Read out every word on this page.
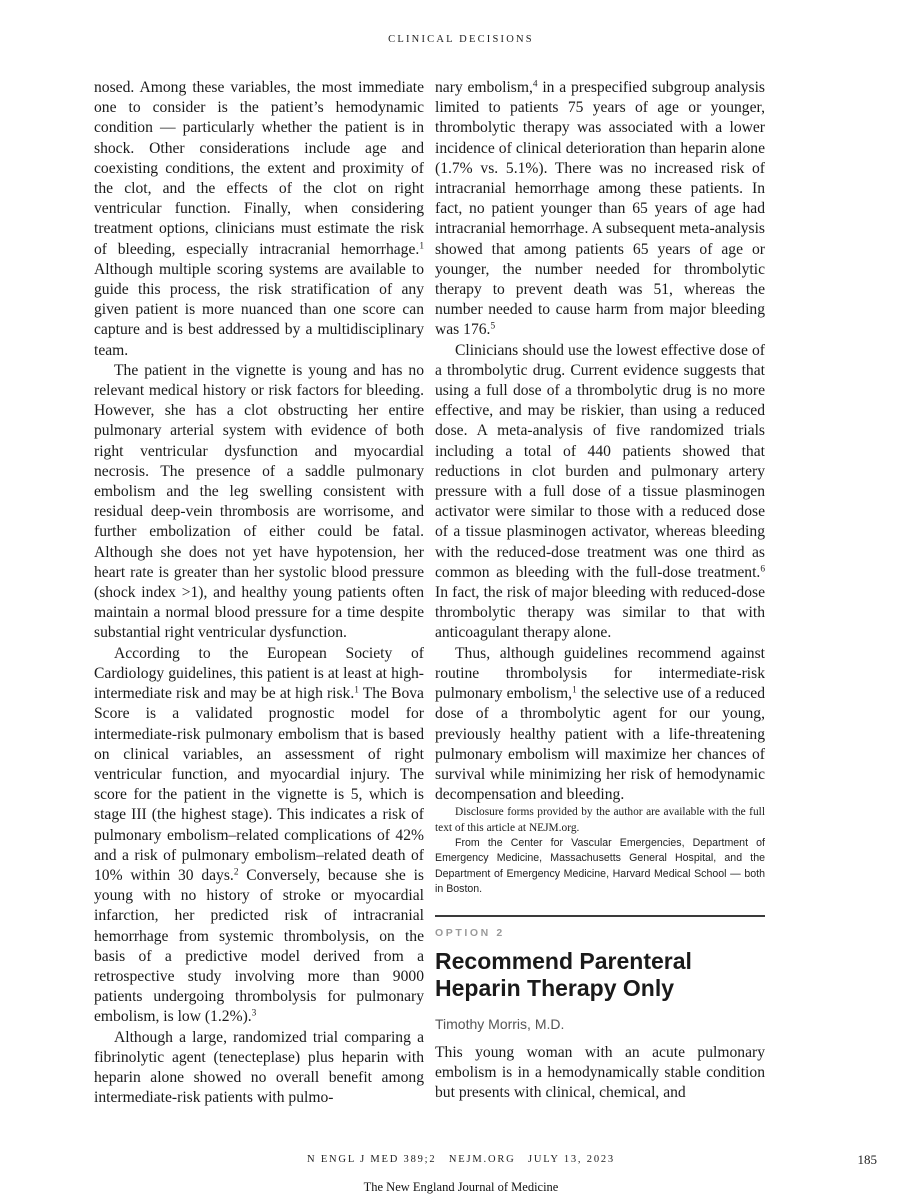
CLINICAL DECISIONS

nosed. Among these variables, the most immediate one to consider is the patient’s hemodynamic condition — particularly whether the patient is in shock. Other considerations include age and coexisting conditions, the extent and proximity of the clot, and the effects of the clot on right ventricular function. Finally, when considering treatment options, clinicians must estimate the risk of bleeding, especially intracranial hemorrhage.$^1$ Although multiple scoring systems are available to guide this process, the risk stratification of any given patient is more nuanced than one score can capture and is best addressed by a multidisciplinary team.

The patient in the vignette is young and has no relevant medical history or risk factors for bleeding. However, she has a clot obstructing her entire pulmonary arterial system with evidence of both right ventricular dysfunction and myocardial necrosis. The presence of a saddle pulmonary embolism and the leg swelling consistent with residual deep-vein thrombosis are worrisome, and further embolization of either could be fatal. Although she does not yet have hypotension, her heart rate is greater than her systolic blood pressure (shock index >1), and healthy young patients often maintain a normal blood pressure for a time despite substantial right ventricular dysfunction.

According to the European Society of Cardiology guidelines, this patient is at least at high-intermediate risk and may be at high risk.$^1$ The Bova Score is a validated prognostic model for intermediate-risk pulmonary embolism that is based on clinical variables, an assessment of right ventricular function, and myocardial injury. The score for the patient in the vignette is 5, which is stage III (the highest stage). This indicates a risk of pulmonary embolism–related complications of 42% and a risk of pulmonary embolism–related death of 10% within 30 days.$^2$ Conversely, because she is young with no history of stroke or myocardial infarction, her predicted risk of intracranial hemorrhage from systemic thrombolysis, on the basis of a predictive model derived from a retrospective study involving more than 9000 patients undergoing thrombolysis for pulmonary embolism, is low (1.2%).$^3$

Although a large, randomized trial comparing a fibrinolytic agent (tenecteplase) plus heparin with heparin alone showed no overall benefit among intermediate-risk patients with pulmo-

nary embolism,$^4$ in a prespecified subgroup analysis limited to patients 75 years of age or younger, thrombolytic therapy was associated with a lower incidence of clinical deterioration than heparin alone (1.7% vs. 5.1%). There was no increased risk of intracranial hemorrhage among these patients. In fact, no patient younger than 65 years of age had intracranial hemorrhage. A subsequent meta-analysis showed that among patients 65 years of age or younger, the number needed for thrombolytic therapy to prevent death was 51, whereas the number needed to cause harm from major bleeding was 176.$^5$

Clinicians should use the lowest effective dose of a thrombolytic drug. Current evidence suggests that using a full dose of a thrombolytic drug is no more effective, and may be riskier, than using a reduced dose. A meta-analysis of five randomized trials including a total of 440 patients showed that reductions in clot burden and pulmonary artery pressure with a full dose of a tissue plasminogen activator were similar to those with a reduced dose of a tissue plasminogen activator, whereas bleeding with the reduced-dose treatment was one third as common as bleeding with the full-dose treatment.$^6$ In fact, the risk of major bleeding with reduced-dose thrombolytic therapy was similar to that with anticoagulant therapy alone.

Thus, although guidelines recommend against routine thrombolysis for intermediate-risk pulmonary embolism,$^1$ the selective use of a reduced dose of a thrombolytic agent for our young, previously healthy patient with a life-threatening pulmonary embolism will maximize her chances of survival while minimizing her risk of hemodynamic decompensation and bleeding.

Disclosure forms provided by the author are available with the full text of this article at NEJM.org.

From the Center for Vascular Emergencies, Department of Emergency Medicine, Massachusetts General Hospital, and the Department of Emergency Medicine, Harvard Medical School — both in Boston.

OPTION 2
Recommend Parenteral Heparin Therapy Only
Timothy Morris, M.D.

This young woman with an acute pulmonary embolism is in a hemodynamically stable condition but presents with clinical, chemical, and

N ENGL J MED 389;2 NEJM.ORG JULY 13, 2023	185
The New England Journal of Medicine
